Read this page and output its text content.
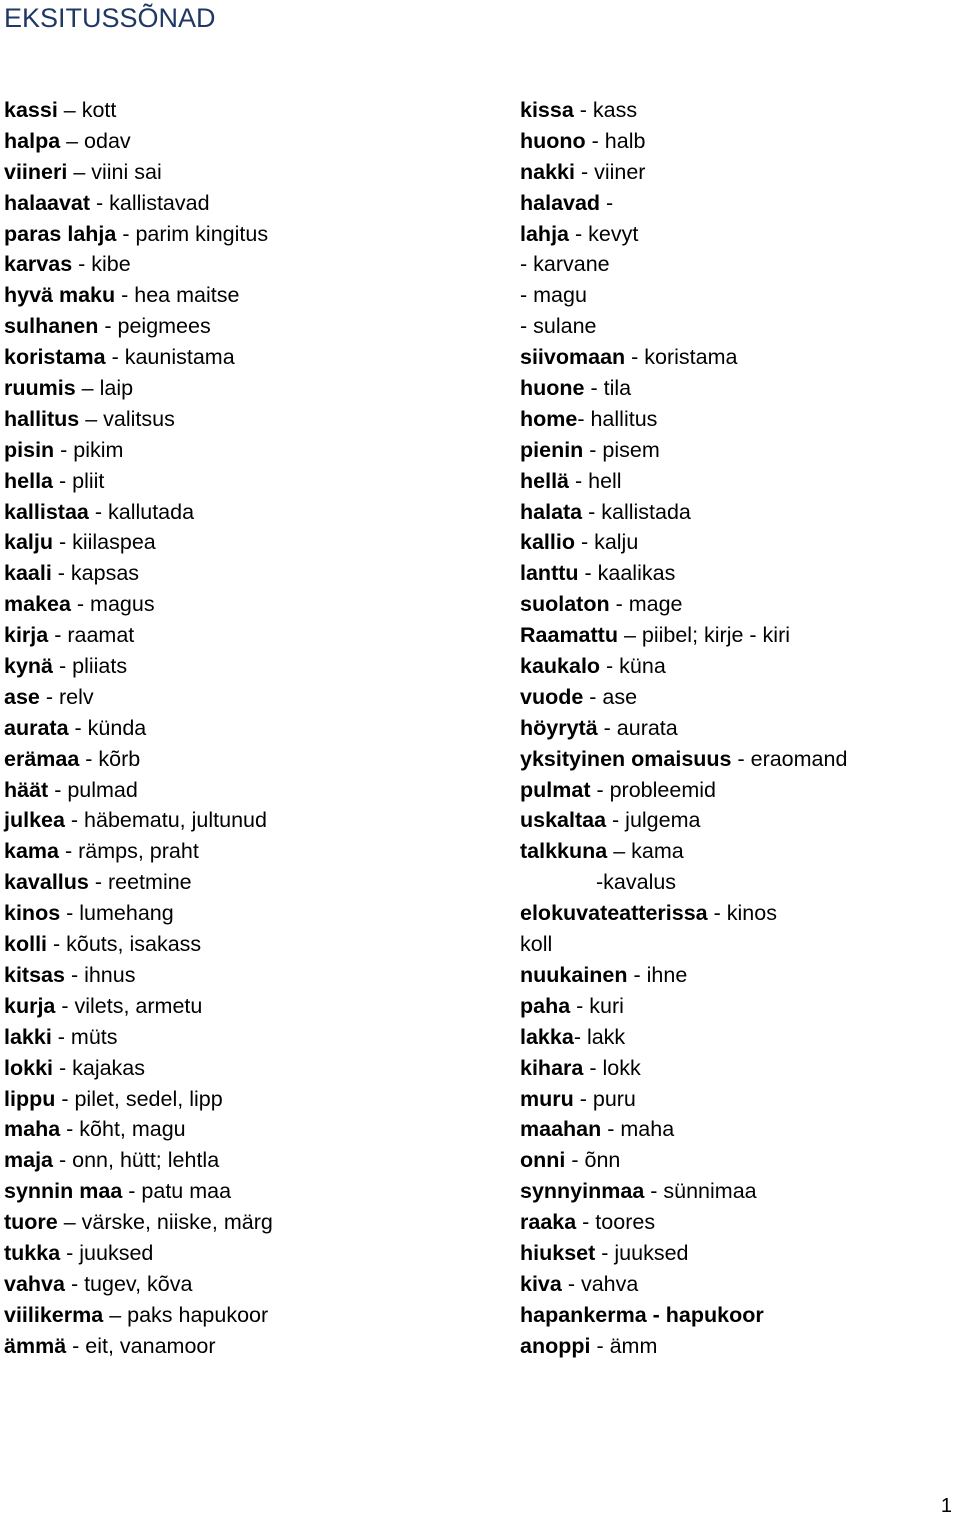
EKSITUSSÕNAD
kassi – kott
halpa – odav
viineri – viini sai
halaavat - kallistavad
paras lahja - parim kingitus
karvas - kibe
hyvä maku - hea maitse
sulhanen - peigmees
koristama - kaunistama
ruumis – laip
hallitus – valitsus
pisin - pikim
hella - pliit
kallistaa - kallutada
kalju - kiilaspea
kaali - kapsas
makea - magus
kirja - raamat
kynä - pliiats
ase - relv
aurata - künda
erämaa - kõrb
häät - pulmad
julkea - häbematu, jultunud
kama - rämps, praht
kavallus - reetmine
kinos - lumehang
kolli - kõuts, isakass
kitsas - ihnus
kurja - vilets, armetu
lakki - müts
lokki - kajakas
lippu - pilet, sedel, lipp
maha - kõht, magu
maja - onn, hütt; lehtla
synnin maa - patu maa
tuore – värske, niiske, märg
tukka - juuksed
vahva - tugev, kõva
viilikerma – paks hapukoor
ämmä - eit, vanamoor
kissa - kass
huono - halb
nakki - viiner
halavad -
lahja - kevyt
- karvane
- magu
- sulane
siivomaan - koristama
huone - tila
home- hallitus
pienin - pisem
hellä - hell
halata - kallistada
kallio - kalju
lanttu - kaalikas
suolaton - mage
Raamattu – piibel; kirje - kiri
kaukalo - küna
vuode - ase
höyrytä - aurata
yksityinen omaisuus - eraomand
pulmat - probleemid
uskaltaa - julgema
talkkuna – kama
-kavalus
elokuvateatterissa - kinos
koll
nuukainen - ihne
paha - kuri
lakka- lakk
kihara - lokk
muru - puru
maahan - maha
onni - õnn
synnyinmaa - sünnimaa
raaka - toores
hiukset - juuksed
kiva - vahva
hapankerma - hapukoor
anoppi - ämm
1
